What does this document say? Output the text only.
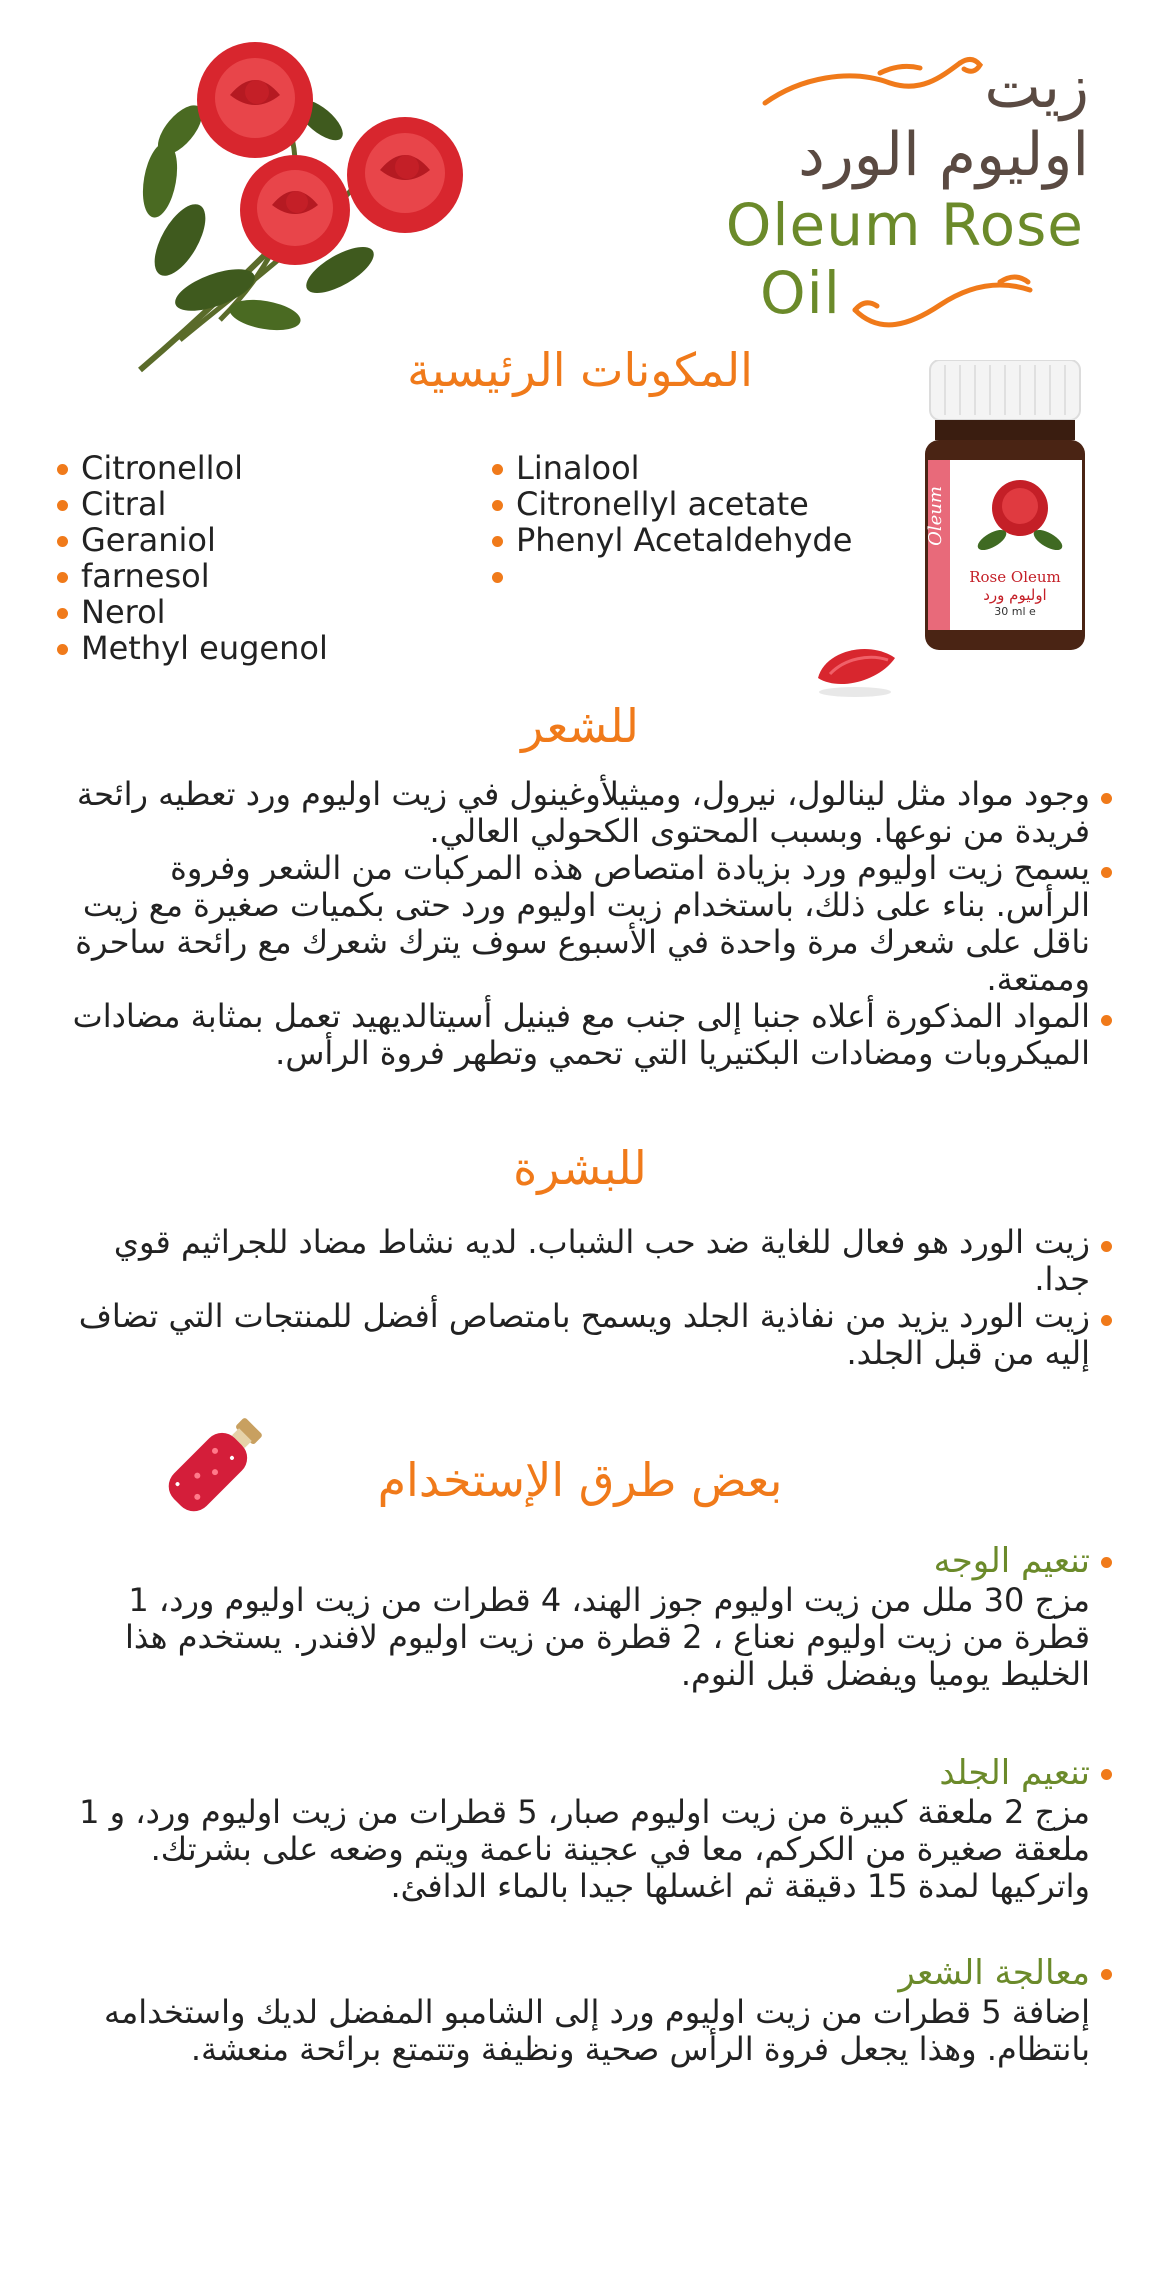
زيت
اوليوم الورد
Oleum Rose
Oil
Oleum
Rose Oleum
اوليوم ورد
30 ml e
المكونات الرئيسية
Citronellol
Citral
Geraniol
farnesol
Nerol
Methyl eugenol
Linalool
Citronellyl acetate
Phenyl Acetaldehyde
للشعر
وجود مواد مثل لينالول، نيرول، وميثيلأوغينول في زيت اوليوم ورد تعطيه رائحة فريدة من نوعها. وبسبب المحتوى الكحولي العالي.
يسمح زيت اوليوم ورد بزيادة امتصاص هذه المركبات من الشعر وفروة الرأس. بناء على ذلك، باستخدام زيت اوليوم ورد حتى بكميات صغيرة مع زيت ناقل على شعرك مرة واحدة في الأسبوع سوف يترك شعرك مع رائحة ساحرة وممتعة.
المواد المذكورة أعلاه جنبا إلى جنب مع فينيل أسيتالديهيد تعمل بمثابة مضادات الميكروبات ومضادات البكتيريا التي تحمي وتطهر فروة الرأس.
للبشرة
زيت الورد هو فعال للغاية ضد حب الشباب. لديه نشاط مضاد للجراثيم قوي جدا.
زيت الورد يزيد من نفاذية الجلد ويسمح بامتصاص أفضل للمنتجات التي تضاف إليه من قبل الجلد.
بعض طرق الإستخدام
تنعيم الوجه
مزج 30 ملل من زيت اوليوم جوز الهند، 4 قطرات من زيت اوليوم ورد، 1 قطرة من زيت اوليوم نعناع ، 2 قطرة من زيت اوليوم لافندر. يستخدم هذا الخليط يوميا ويفضل قبل النوم.
تنعيم الجلد
مزج 2 ملعقة كبيرة من زيت اوليوم صبار، 5 قطرات من زيت اوليوم ورد، و 1 ملعقة صغيرة من الكركم، معا في عجينة ناعمة ويتم وضعه على بشرتك. واتركيها لمدة 15 دقيقة ثم اغسلها جيدا بالماء الدافئ.
معالجة الشعر
إضافة 5 قطرات من زيت اوليوم ورد إلى الشامبو المفضل لديك واستخدامه بانتظام. وهذا يجعل فروة الرأس صحية ونظيفة وتتمتع برائحة منعشة.
